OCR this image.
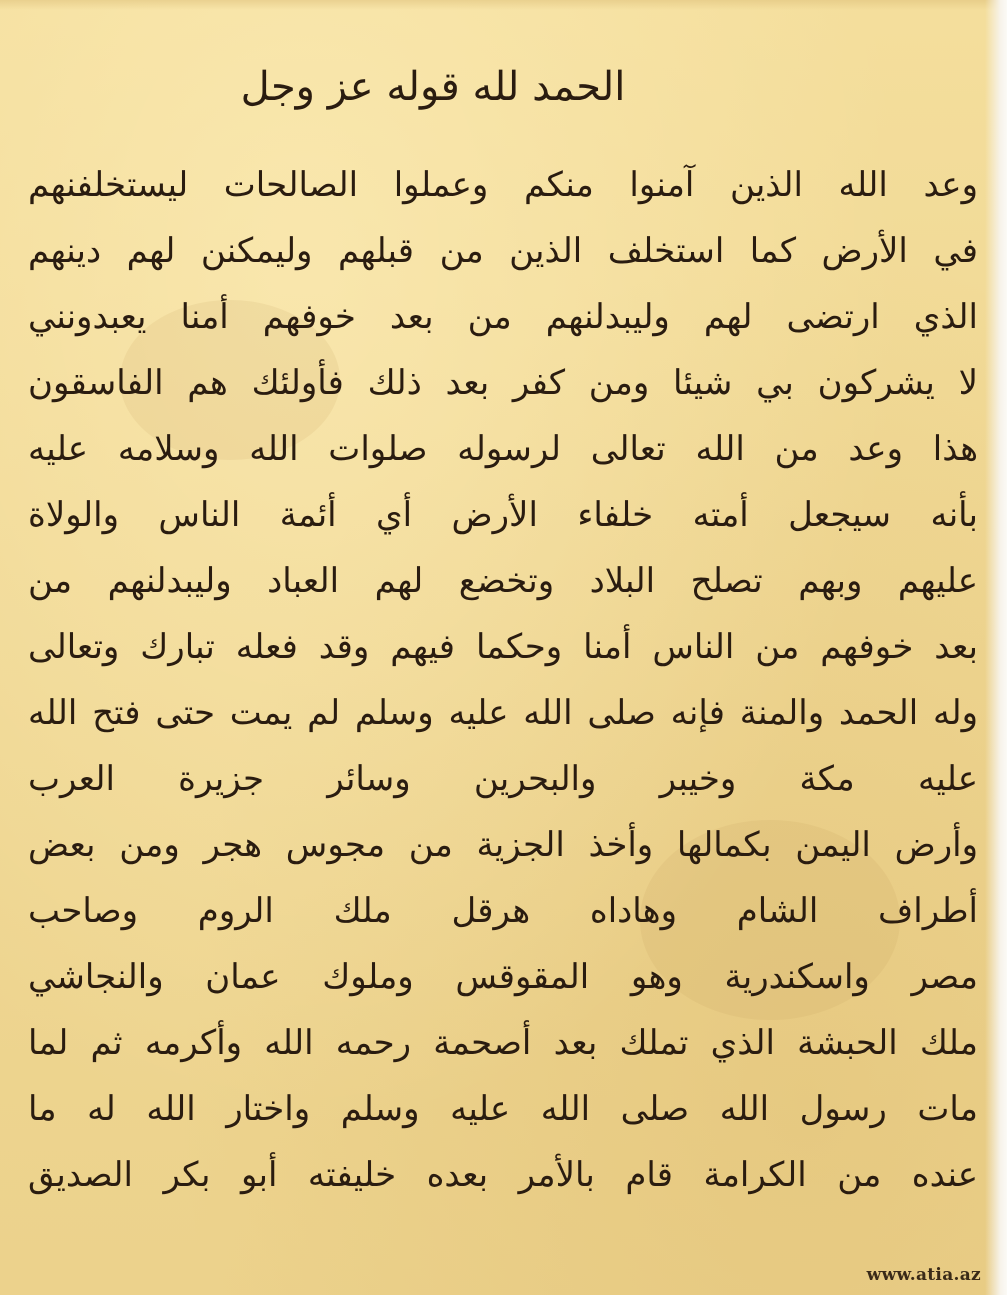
الحمد لله قوله عز وجل
وعد الله الذين آمنوا منكم وعملوا الصالحات ليستخلفنهم
في الأرض كما استخلف الذين من قبلهم وليمكنن لهم دينهم
الذي ارتضى لهم وليبدلنهم من بعد خوفهم أمنا يعبدونني
لا يشركون بي شيئا ومن كفر بعد ذلك فأولئك هم الفاسقون
هذا وعد من الله تعالى لرسوله صلوات الله وسلامه عليه
بأنه سيجعل أمته خلفاء الأرض أي أئمة الناس والولاة
عليهم وبهم تصلح البلاد وتخضع لهم العباد وليبدلنهم من
بعد خوفهم من الناس أمنا وحكما فيهم وقد فعله تبارك وتعالى
وله الحمد والمنة فإنه صلى الله عليه وسلم لم يمت حتى فتح الله
عليه مكة وخيبر والبحرين وسائر جزيرة العرب
وأرض اليمن بكمالها وأخذ الجزية من مجوس هجر ومن بعض
أطراف الشام وهاداه هرقل ملك الروم وصاحب
مصر واسكندرية وهو المقوقس وملوك عمان والنجاشي
ملك الحبشة الذي تملك بعد أصحمة رحمه الله وأكرمه ثم لما
مات رسول الله صلى الله عليه وسلم واختار الله له ما
عنده من الكرامة قام بالأمر بعده خليفته أبو بكر الصديق
www.atia.az
